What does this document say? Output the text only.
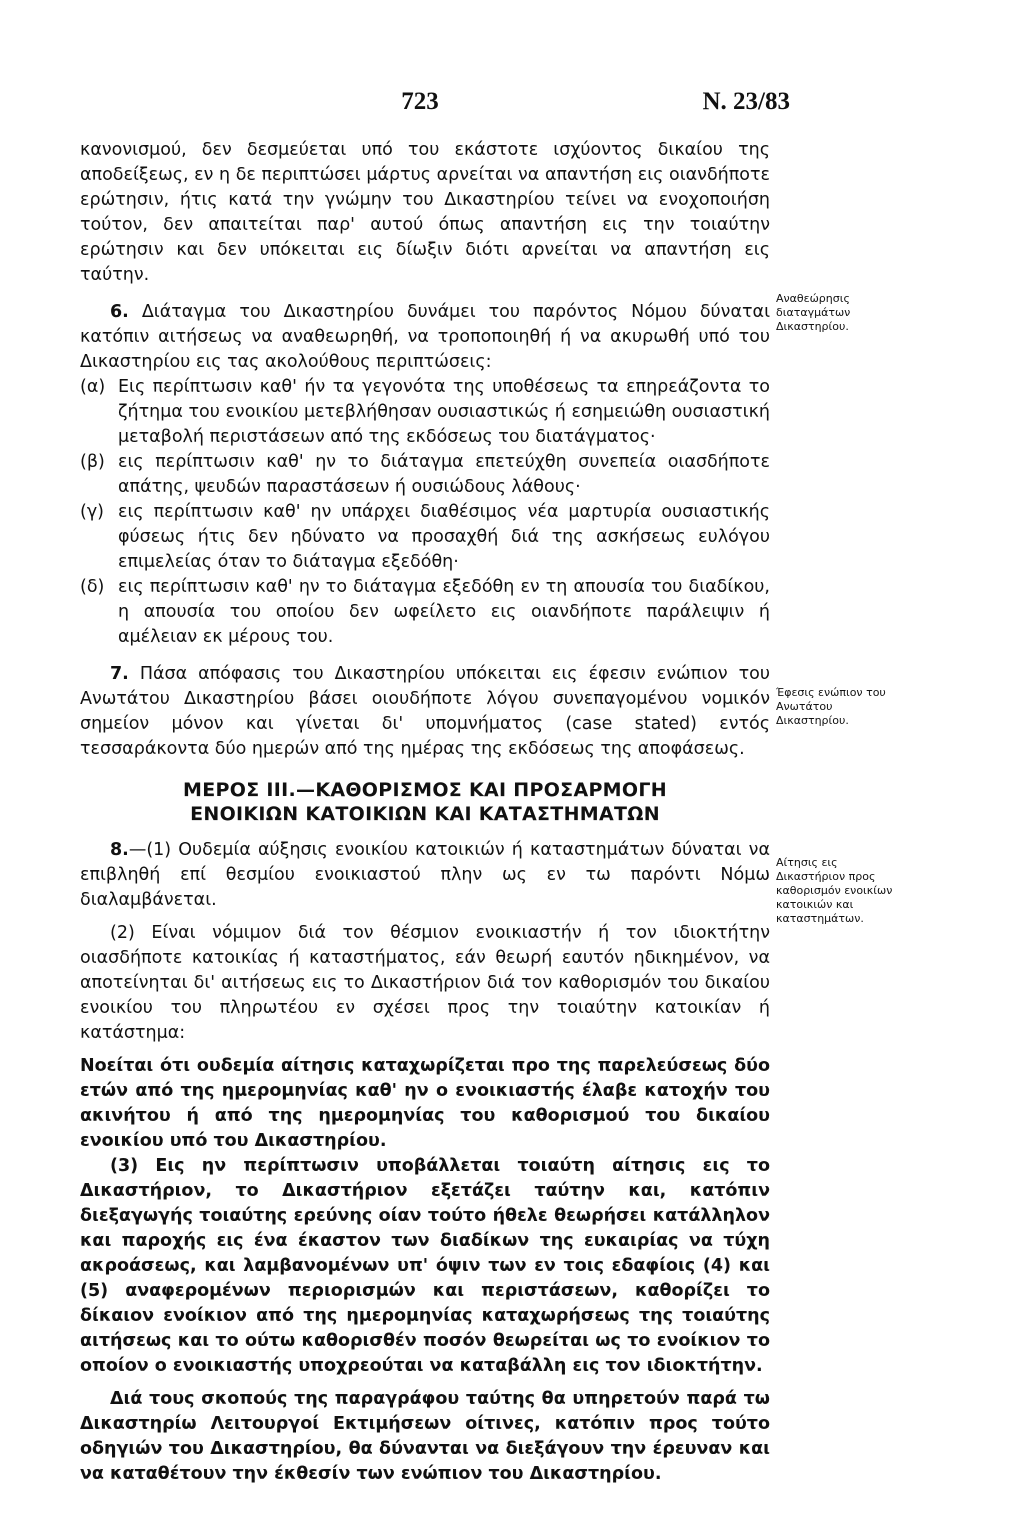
723	Ν. 23/83

κανονισμού, δεν δεσμεύεται υπό του εκάστοτε ισχύοντος δικαίου της αποδείξεως, εν η δε περιπτώσει μάρτυς αρνείται να απαντήση εις οιανδήποτε ερώτησιν, ήτις κατά την γνώμην του Δικαστηρίου τείνει να ενοχοποιήση τούτον, δεν απαιτείται παρ' αυτού όπως απαντήση εις την τοιαύτην ερώτησιν και δεν υπόκειται εις δίωξιν διότι αρνείται να απαντήση εις ταύτην.

6. Διάταγμα του Δικαστηρίου δυνάμει του παρόντος Νόμου δύναται κατόπιν αιτήσεως να αναθεωρηθή, να τροποποιηθή ή να ακυρωθή υπό του Δικαστηρίου εις τας ακολούθους περιπτώσεις:

(α) Εις περίπτωσιν καθ' ήν τα γεγονότα της υποθέσεως τα επηρεάζοντα το ζήτημα του ενοικίου μετεβλήθησαν ουσιαστικώς ή εσημειώθη ουσιαστική μεταβολή περιστάσεων από της εκδόσεως του διατάγματος·
(β) εις περίπτωσιν καθ' ην το διάταγμα επετεύχθη συνεπεία οιασδήποτε απάτης, ψευδών παραστάσεων ή ουσιώδους λάθους·
(γ) εις περίπτωσιν καθ' ην υπάρχει διαθέσιμος νέα μαρτυρία ουσιαστικής φύσεως ήτις δεν ηδύνατο να προσαχθή διά της ασκήσεως ευλόγου επιμελείας όταν το διάταγμα εξεδόθη·
(δ) εις περίπτωσιν καθ' ην το διάταγμα εξεδόθη εν τη απουσία του διαδίκου, η απουσία του οποίου δεν ωφείλετο εις οιανδήποτε παράλειψιν ή αμέλειαν εκ μέρους του.

7. Πάσα απόφασις του Δικαστηρίου υπόκειται εις έφεσιν ενώπιον του Ανωτάτου Δικαστηρίου βάσει οιουδήποτε λόγου συνεπαγομένου νομικόν σημείον μόνον και γίνεται δι' υπομνήματος (case stated) εντός τεσσαράκοντα δύο ημερών από της ημέρας της εκδόσεως της αποφάσεως.

ΜΕΡΟΣ III.—ΚΑΘΟΡΙΣΜΟΣ ΚΑΙ ΠΡΟΣΑΡΜΟΓΗ
ΕΝΟΙΚΙΩΝ ΚΑΤΟΙΚΙΩΝ ΚΑΙ ΚΑΤΑΣΤΗΜΑΤΩΝ

8.—(1) Ουδεμία αύξησις ενοικίου κατοικιών ή καταστημάτων δύναται να επιβληθή επί θεσμίου ενοικιαστού πλην ως εν τω παρόντι Νόμω διαλαμβάνεται.

(2) Είναι νόμιμον διά τον θέσμιον ενοικιαστήν ή τον ιδιοκτήτην οιασδήποτε κατοικίας ή καταστήματος, εάν θεωρή εαυτόν ηδικημένον, να αποτείνηται δι' αιτήσεως εις το Δικαστήριον διά τον καθορισμόν του δικαίου ενοικίου του πληρωτέου εν σχέσει προς την τοιαύτην κατοικίαν ή κατάστημα:

Νοείται ότι ουδεμία αίτησις καταχωρίζεται προ της παρελεύσεως δύο ετών από της ημερομηνίας καθ' ην ο ενοικιαστής έλαβε κατοχήν του ακινήτου ή από της ημερομηνίας του καθορισμού του δικαίου ενοικίου υπό του Δικαστηρίου.

(3) Εις ην περίπτωσιν υποβάλλεται τοιαύτη αίτησις εις το Δικαστήριον, το Δικαστήριον εξετάζει ταύτην και, κατόπιν διεξαγωγής τοιαύτης ερεύνης οίαν τούτο ήθελε θεωρήσει κατάλληλον και παροχής εις ένα έκαστον των διαδίκων της ευκαιρίας να τύχη ακροάσεως, και λαμβανομένων υπ' όψιν των εν τοις εδαφίοις (4) και (5) αναφερομένων περιορισμών και περιστάσεων, καθορίζει το δίκαιον ενοίκιον από της ημερομηνίας καταχωρήσεως της τοιαύτης αιτήσεως και το ούτω καθορισθέν ποσόν θεωρείται ως το ενοίκιον το οποίον ο ενοικιαστής υποχρεούται να καταβάλλη εις τον ιδιοκτήτην.

Διά τους σκοπούς της παραγράφου ταύτης θα υπηρετούν παρά τω Δικαστηρίω Λειτουργοί Εκτιμήσεων οίτινες, κατόπιν προς τούτο οδηγιών του Δικαστηρίου, θα δύνανται να διεξάγουν την έρευναν και να καταθέτουν την έκθεσίν των ενώπιον του Δικαστηρίου.

Αναθεώρησις διαταγμάτων Δικαστηρίου.
Έφεσις ενώπιον του Ανωτάτου Δικαστηρίου.
Αίτησις εις Δικαστήριον προς καθορισμόν ενοικίων κατοικιών και καταστημάτων.
